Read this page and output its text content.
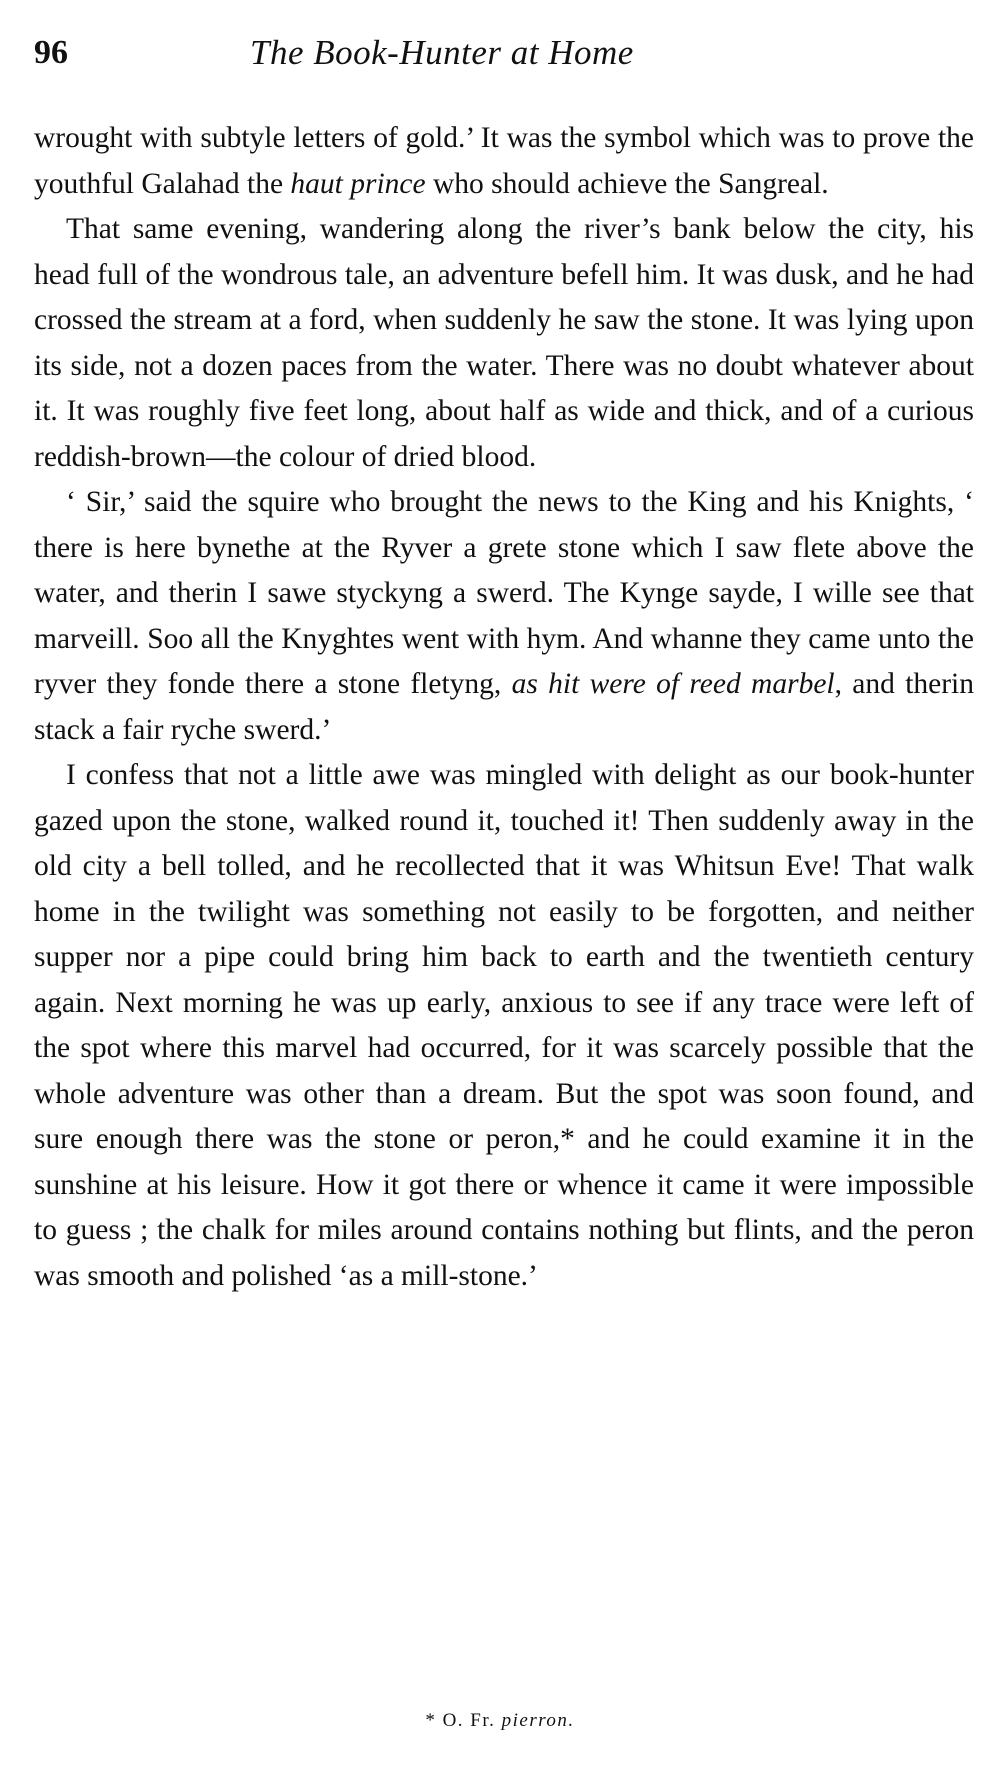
96	The Book-Hunter at Home

wrought with subtyle letters of gold.’ It was the symbol which was to prove the youthful Galahad the haut prince who should achieve the Sangreal.

That same evening, wandering along the river’s bank below the city, his head full of the wondrous tale, an adventure befell him. It was dusk, and he had crossed the stream at a ford, when suddenly he saw the stone. It was lying upon its side, not a dozen paces from the water. There was no doubt whatever about it. It was roughly five feet long, about half as wide and thick, and of a curious reddish-brown—the colour of dried blood.

‘ Sir,’ said the squire who brought the news to the King and his Knights, ‘ there is here bynethe at the Ryver a grete stone which I saw flete above the water, and therin I sawe styckyng a swerd. The Kynge sayde, I wille see that marveill. Soo all the Knyghtes went with hym. And whanne they came unto the ryver they fonde there a stone fletyng, as hit were of reed marbel, and therin stack a fair ryche swerd.’

I confess that not a little awe was mingled with delight as our book-hunter gazed upon the stone, walked round it, touched it! Then suddenly away in the old city a bell tolled, and he recollected that it was Whitsun Eve! That walk home in the twilight was something not easily to be forgotten, and neither supper nor a pipe could bring him back to earth and the twentieth century again. Next morning he was up early, anxious to see if any trace were left of the spot where this marvel had occurred, for it was scarcely possible that the whole adventure was other than a dream. But the spot was soon found, and sure enough there was the stone or peron,* and he could examine it in the sunshine at his leisure. How it got there or whence it came it were impossible to guess ; the chalk for miles around contains nothing but flints, and the peron was smooth and polished ‘as a mill-stone.’

* O. Fr. pierron.
